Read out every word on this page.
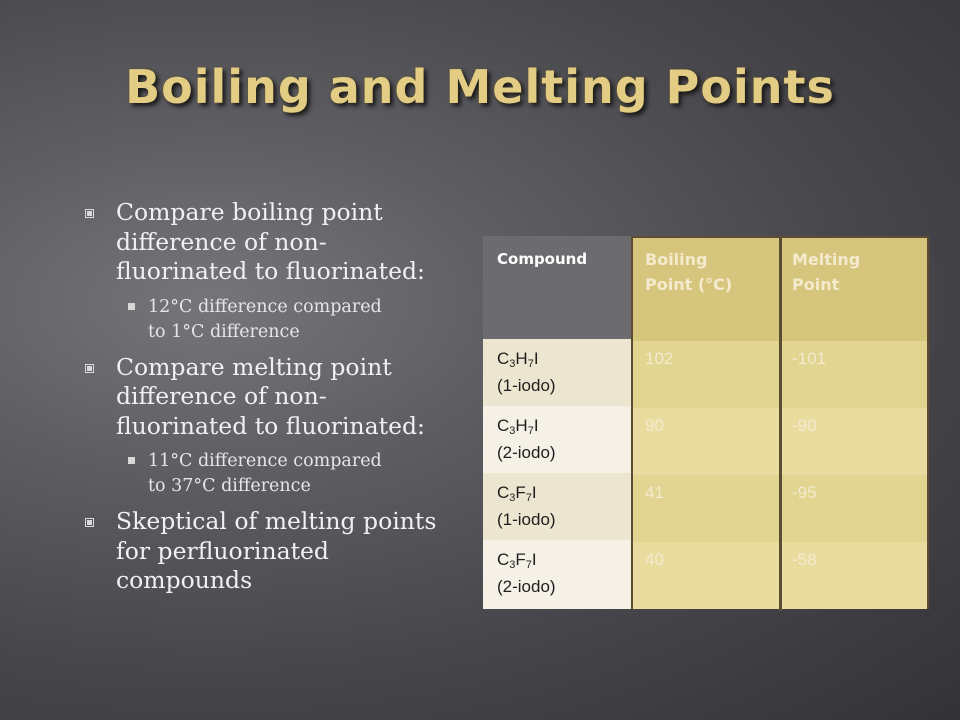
Boiling and Melting Points
Compare boiling point
difference of non-
fluorinated to fluorinated:
12°C difference compared
to 1°C difference
Compare melting point
difference of non-
fluorinated to fluorinated:
11°C difference compared
to 37°C difference
Skeptical of melting points
for perfluorinated
compounds
Compound
$C_3H_7I$
(1-iodo)
$C_3H_7I$
(2-iodo)
$C_3F_7I$
(1-iodo)
$C_3F_7I$
(2-iodo)
Boiling
Point (°C)
Melting
Point
102
90
41
40
-101
-90
-95
-58
